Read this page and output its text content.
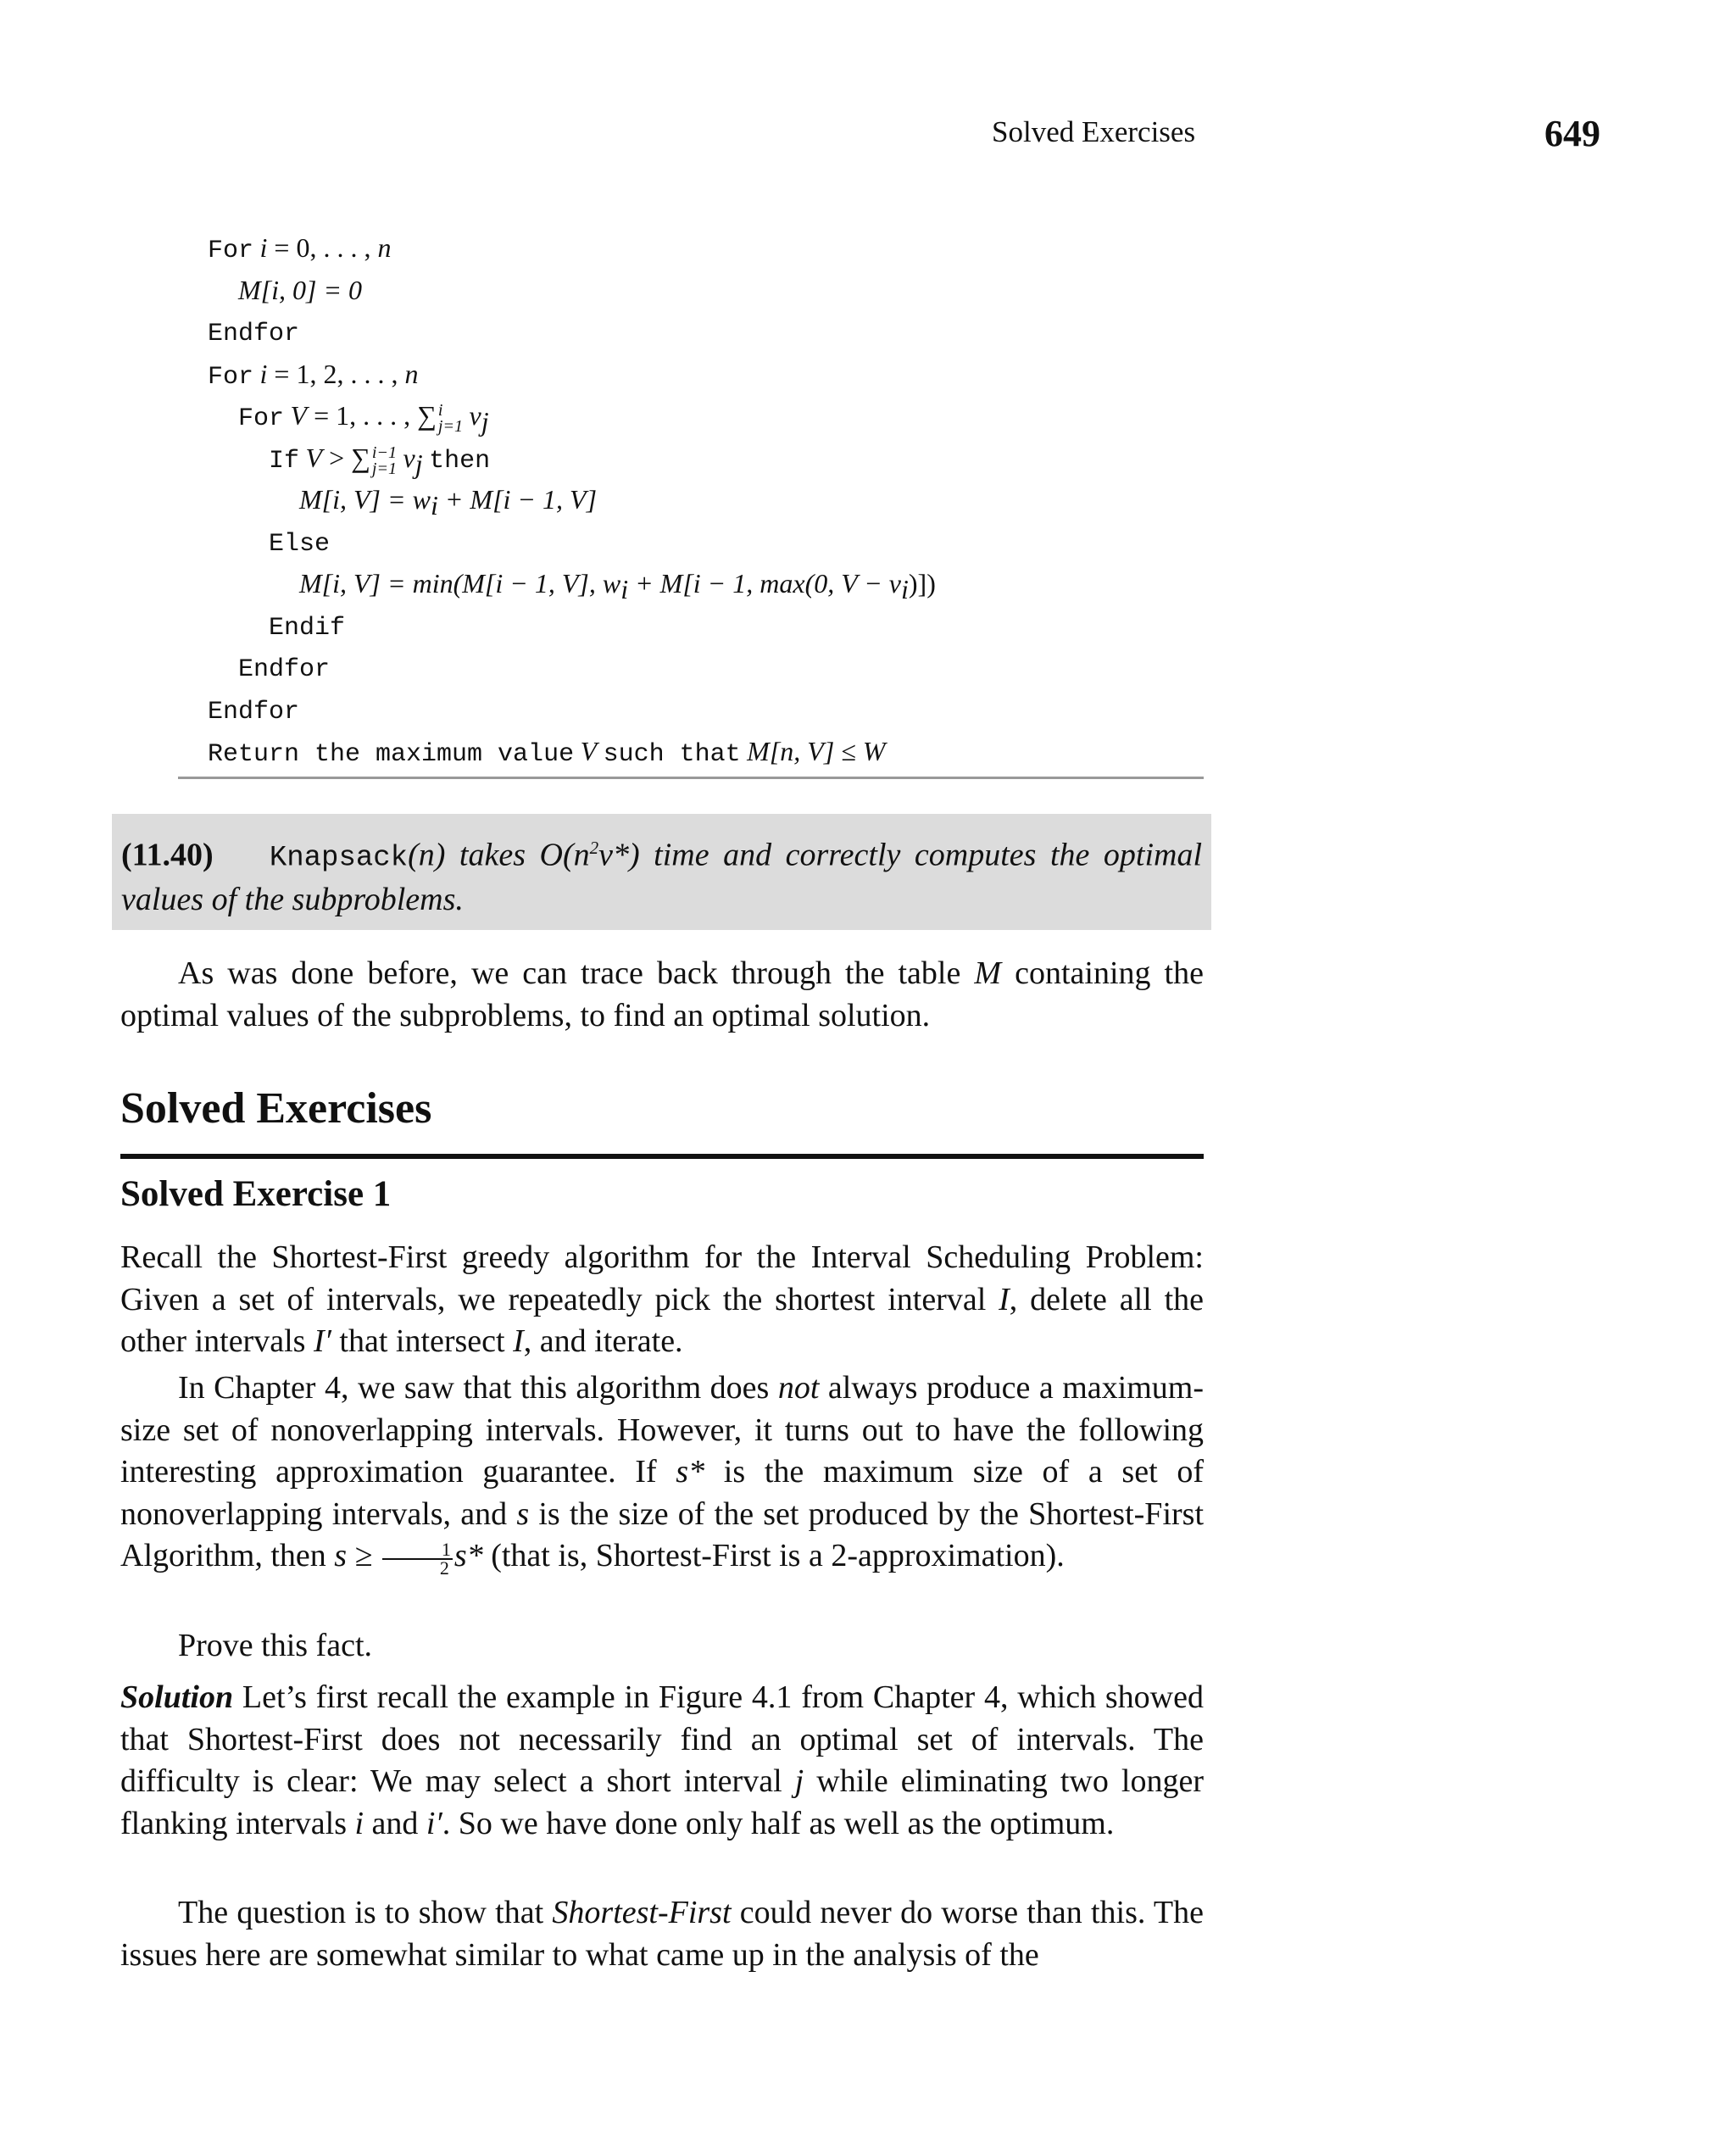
Solved Exercises	649
For i = 0, . . . , n
M[i, 0] = 0
Endfor
For i = 1, 2, . . . , n
For V = 1, . . . , ∑ i
j=1 $v_j$
If V > ∑ i−1
j=1 $v_j$ then
M[i, $V] = w_i + M[i - 1$, V]
Else
M[i, V] = min(M[i − 1, V], $w_i + M[i - 1$, max(0, $V - v_i$)])
Endif
Endfor
Endfor
Return the maximum value V such that M[n, V] ≤ W
(11.40) Knapsack(n) takes $O(n^2v*)$ time and correctly computes the optimal values of the subproblems.
As was done before, we can trace back through the table M containing the optimal values of the subproblems, to find an optimal solution.
Solved Exercises
Solved Exercise 1
Recall the Shortest-First greedy algorithm for the Interval Scheduling Problem: Given a set of intervals, we repeatedly pick the shortest interval I, delete all the other intervals I′ that intersect I, and iterate.
In Chapter 4, we saw that this algorithm does not always produce a maximum-size set of nonoverlapping intervals. However, it turns out to have the following interesting approximation guarantee. If s* is the maximum size of a set of nonoverlapping intervals, and s is the size of the set produced by the Shortest-First Algorithm, then $s \ge \frac{1}{2} s*$ (that is, Shortest-First is a 2-approximation).
Prove this fact.
Solution Let’s first recall the example in Figure 4.1 from Chapter 4, which showed that Shortest-First does not necessarily find an optimal set of intervals. The difficulty is clear: We may select a short interval j while eliminating two longer flanking intervals i and i′. So we have done only half as well as the optimum.
The question is to show that Shortest-First could never do worse than this. The issues here are somewhat similar to what came up in the analysis of the
